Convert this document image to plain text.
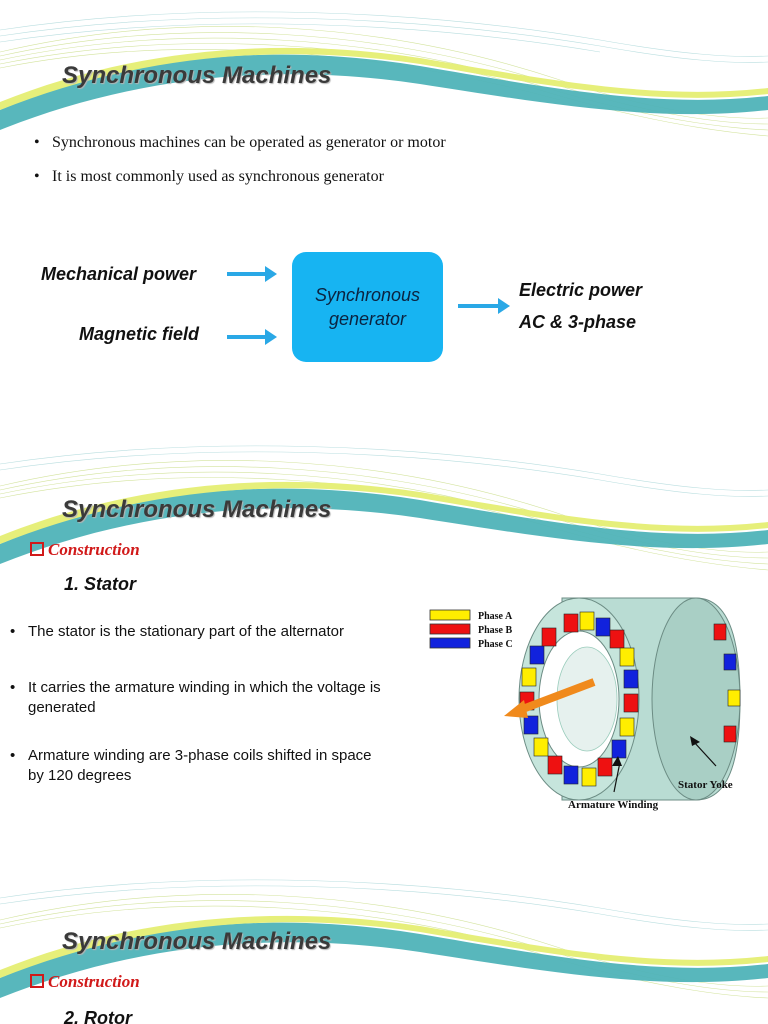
Synchronous Machines
• Synchronous machines can be operated as generator or motor
• It is most commonly used as synchronous generator
Mechanical power
Magnetic field
Synchronous
generator
Electric power
AC & 3-phase
Synchronous Machines
Construction
1. Stator
• The stator is the stationary part of the alternator
• It carries the armature winding in which the voltage is generated
• Armature winding are 3-phase coils shifted in space by 120 degrees
Phase A
Phase B
Phase C
Armature Winding
Stator Yoke
Synchronous Machines
Construction
2. Rotor
